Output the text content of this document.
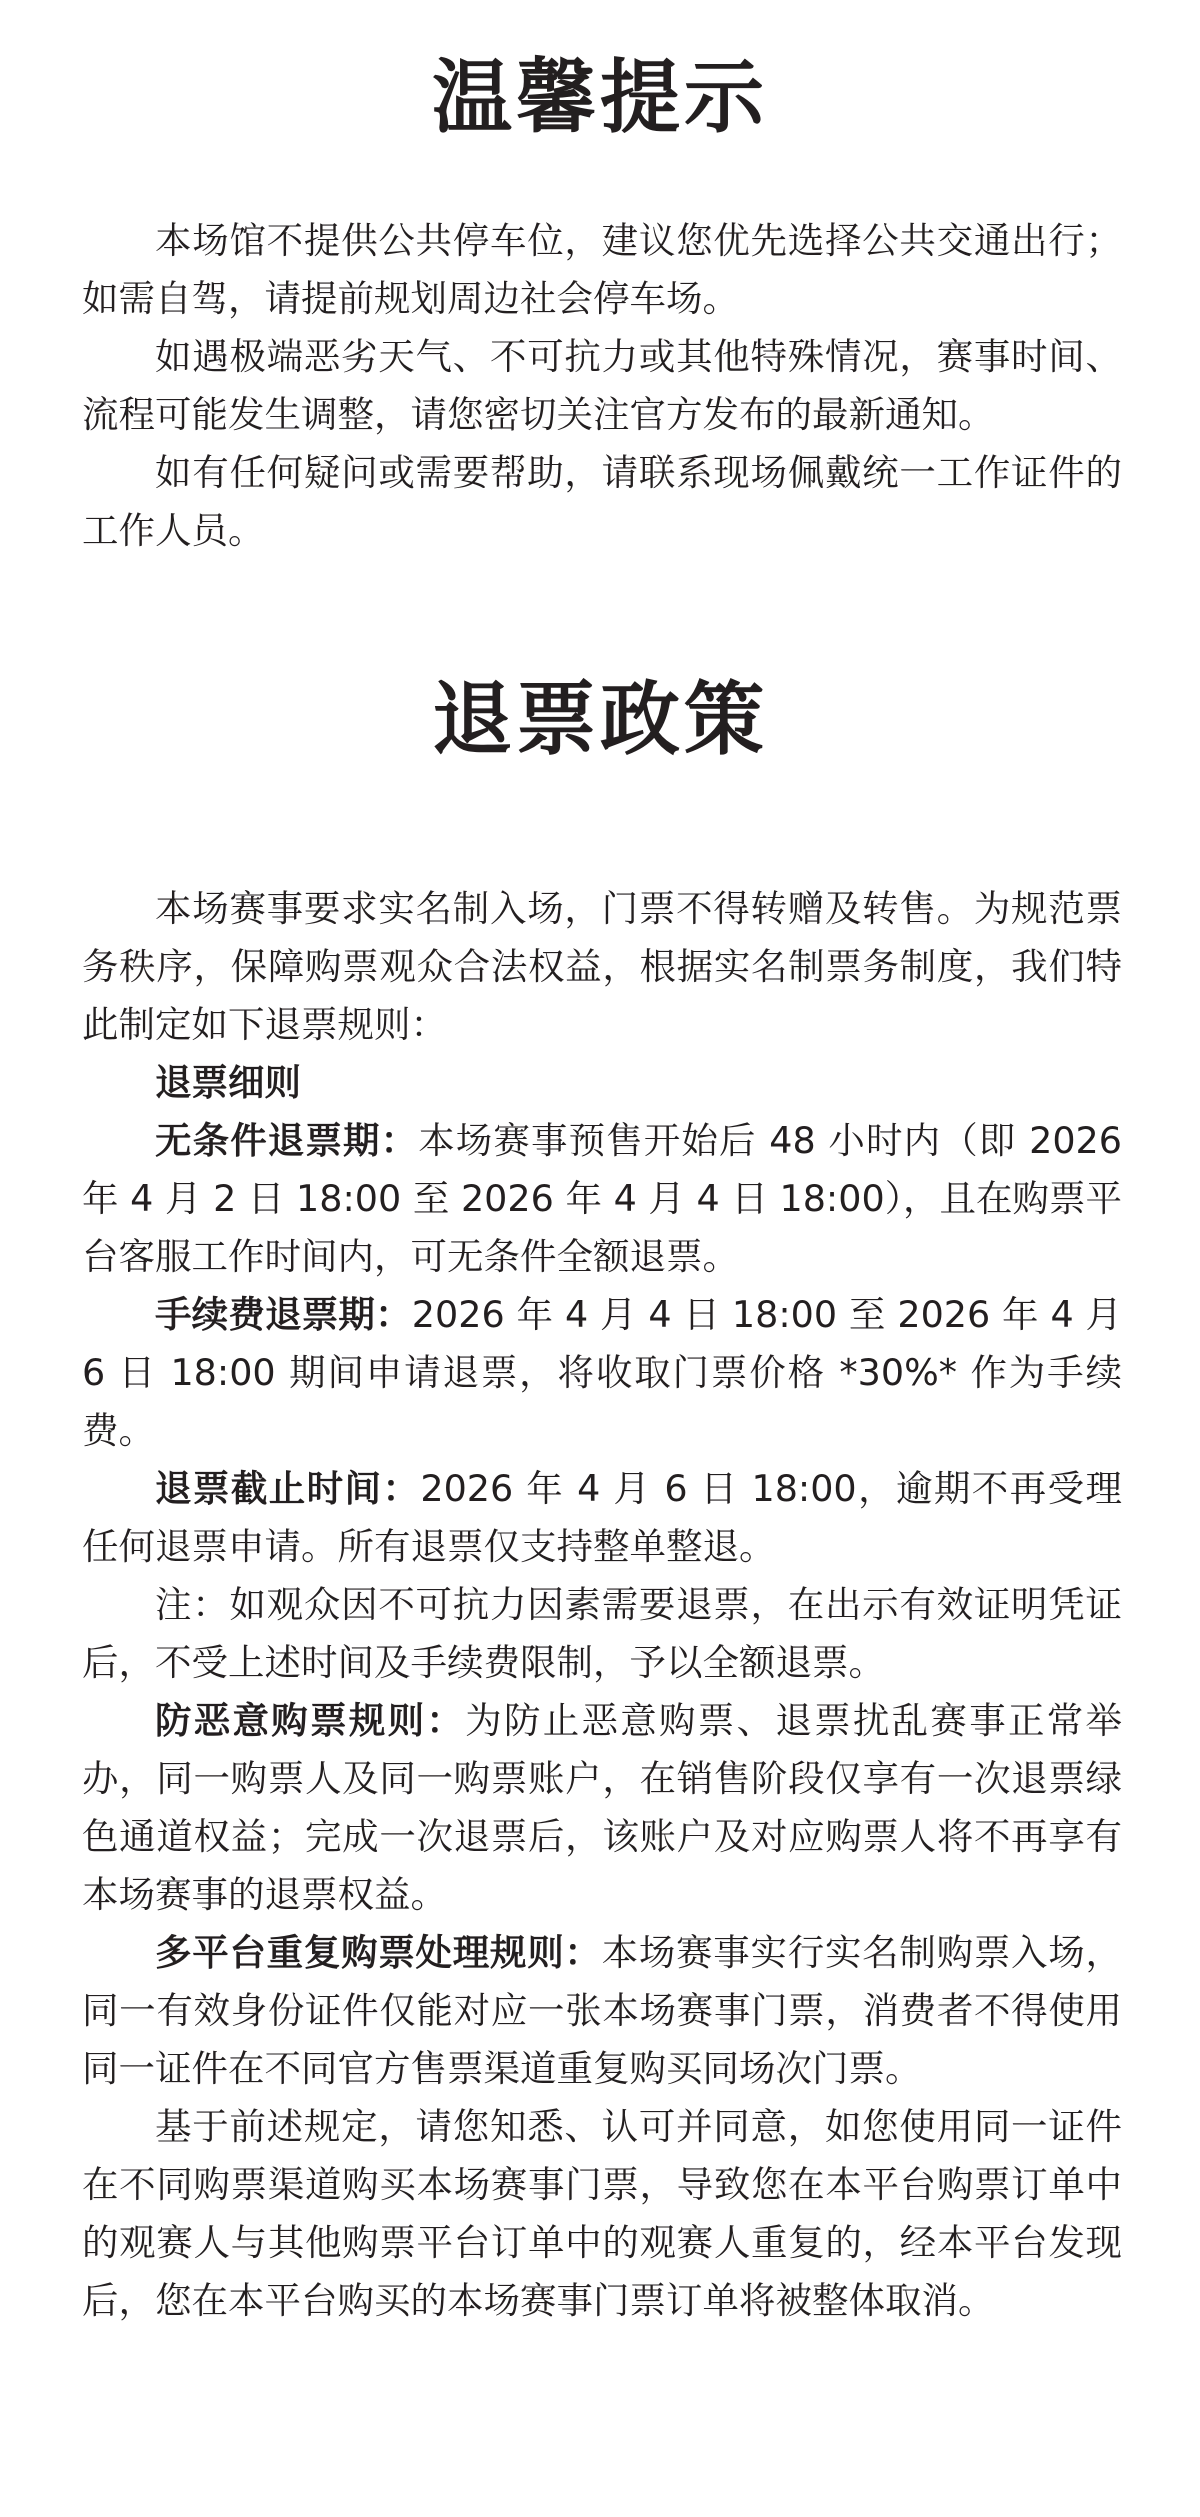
温馨提示

本场馆不提供公共停车位，建议您优先选择公共交通出行；如需自驾，请提前规划周边社会停车场。

如遇极端恶劣天气、不可抗力或其他特殊情况，赛事时间、流程可能发生调整，请您密切关注官方发布的最新通知。

如有任何疑问或需要帮助，请联系现场佩戴统一工作证件的工作人员。

退票政策

本场赛事要求实名制入场，门票不得转赠及转售。为规范票务秩序，保障购票观众合法权益，根据实名制票务制度，我们特此制定如下退票规则：

退票细则

无条件退票期：本场赛事预售开始后 48 小时内（即 2026 年 4 月 2 日 18:00 至 2026 年 4 月 4 日 18:00），且在购票平台客服工作时间内，可无条件全额退票。

手续费退票期：2026 年 4 月 4 日 18:00 至 2026 年 4 月 6 日 18:00 期间申请退票，将收取门票价格 *30%* 作为手续费。

退票截止时间：2026 年 4 月 6 日 18:00，逾期不再受理任何退票申请。所有退票仅支持整单整退。

注：如观众因不可抗力因素需要退票，在出示有效证明凭证后，不受上述时间及手续费限制，予以全额退票。

防恶意购票规则：为防止恶意购票、退票扰乱赛事正常举办，同一购票人及同一购票账户，在销售阶段仅享有一次退票绿色通道权益；完成一次退票后，该账户及对应购票人将不再享有本场赛事的退票权益。

多平台重复购票处理规则：本场赛事实行实名制购票入场，同一有效身份证件仅能对应一张本场赛事门票，消费者不得使用同一证件在不同官方售票渠道重复购买同场次门票。

基于前述规定，请您知悉、认可并同意，如您使用同一证件在不同购票渠道购买本场赛事门票，导致您在本平台购票订单中的观赛人与其他购票平台订单中的观赛人重复的，经本平台发现后，您在本平台购买的本场赛事门票订单将被整体取消。
